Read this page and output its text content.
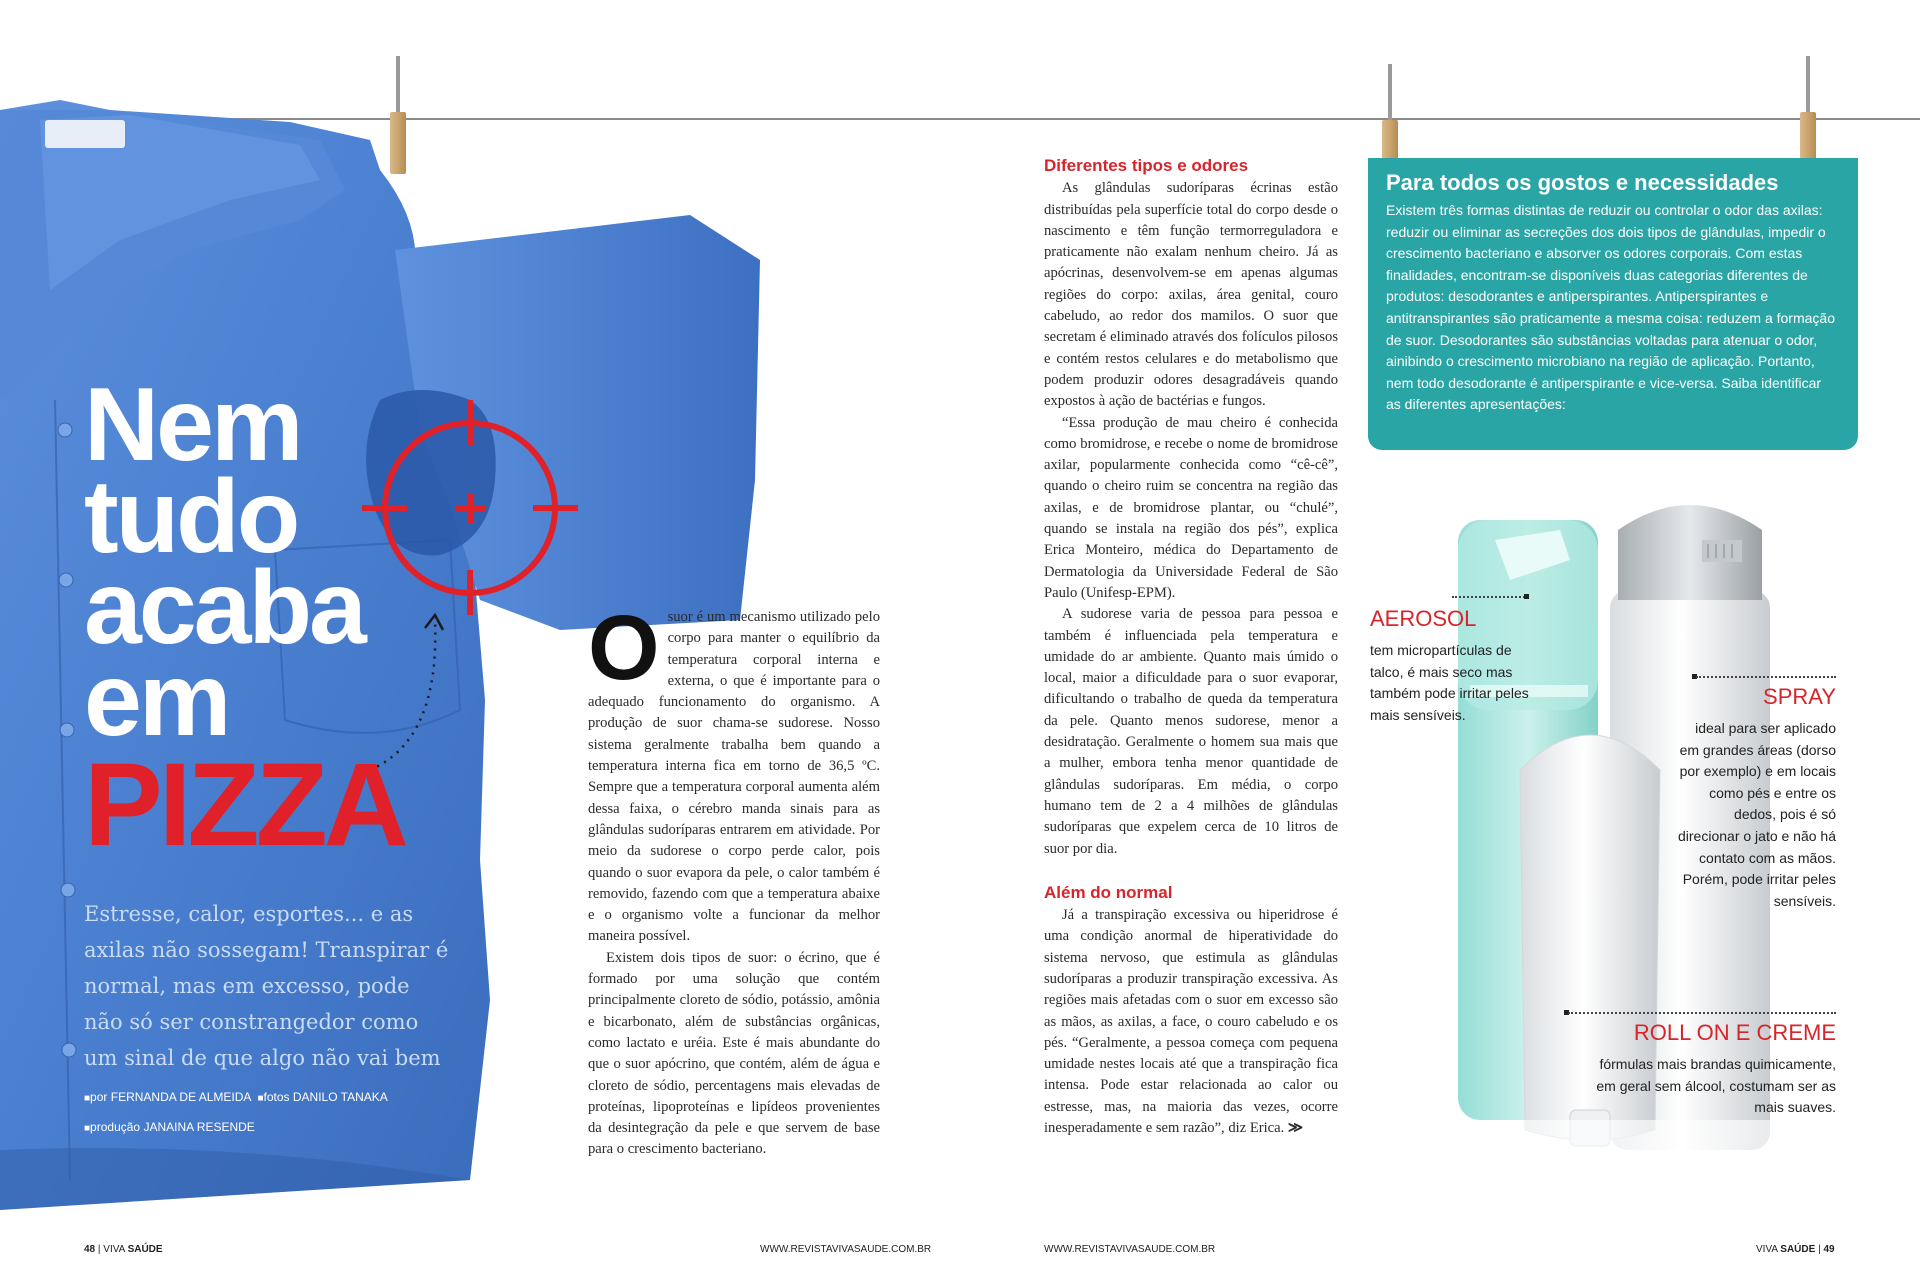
Nem
tudo
acaba
em
PIZZA
Estresse, calor, esportes... e as axilas não sossegam! Transpirar é normal, mas em excesso, pode não só ser constrangedor como um sinal de que algo não vai bem
■por FERNANDA DE ALMEIDA ■fotos DANILO TANAKA
■produção JANAINA RESENDE

Osuor é um mecanismo utilizado pelo corpo para manter o equilíbrio da temperatura corporal interna e externa, o que é importante para o adequado funcionamento do organismo. A produção de suor chama-se sudorese. Nosso sistema geralmente trabalha bem quando a temperatura interna fica em torno de 36,5 ºC. Sempre que a temperatura corporal aumenta além dessa faixa, o cérebro manda sinais para as glândulas sudoríparas entrarem em atividade. Por meio da sudorese o corpo perde calor, pois quando o suor evapora da pele, o calor também é removido, fazendo com que a temperatura abaixe e o organismo volte a funcionar da melhor maneira possível.

Existem dois tipos de suor: o écrino, que é formado por uma solução que contém principalmente cloreto de sódio, potássio, amônia e bicarbonato, além de substâncias orgânicas, como lactato e uréia. Este é mais abundante do que o suor apócrino, que contém, além de água e cloreto de sódio, percentagens mais elevadas de proteínas, lipoproteínas e lipídeos provenientes da desintegração da pele e que servem de base para o crescimento bacteriano.

Diferentes tipos e odores

As glândulas sudoríparas écrinas estão distribuídas pela superfície total do corpo desde o nascimento e têm função termorreguladora e praticamente não exalam nenhum cheiro. Já as apócrinas, desenvolvem-se em apenas algumas regiões do corpo: axilas, área genital, couro cabeludo, ao redor dos mamilos. O suor que secretam é eliminado através dos folículos pilosos e contém restos celulares e do metabolismo que podem produzir odores desagradáveis quando expostos à ação de bactérias e fungos.

“Essa produção de mau cheiro é conhecida como bromidrose, e recebe o nome de bromidrose axilar, popularmente conhecida como “cê-cê”, quando o cheiro ruim se concentra na região das axilas, e de bromidrose plantar, ou “chulé”, quando se instala na região dos pés”, explica Erica Monteiro, médica do Departamento de Dermatologia da Universidade Federal de São Paulo (Unifesp-EPM).

A sudorese varia de pessoa para pessoa e também é influenciada pela temperatura e umidade do ar ambiente. Quanto mais úmido o local, maior a dificuldade para o suor evaporar, dificultando o trabalho de queda da temperatura da pele. Quanto menos sudorese, menor a desidratação. Geralmente o homem sua mais que a mulher, embora tenha menor quantidade de glândulas sudoríparas. Em média, o corpo humano tem de 2 a 4 milhões de glândulas sudoríparas que expelem cerca de 10 litros de suor por dia.

Além do normal

Já a transpiração excessiva ou hiperidrose é uma condição anormal de hiperatividade do sistema nervoso, que estimula as glândulas sudoríparas a produzir transpiração excessiva. As regiões mais afetadas com o suor em excesso são as mãos, as axilas, a face, o couro cabeludo e os pés. “Geralmente, a pessoa começa com pequena umidade nestes locais até que a transpiração fica intensa. Pode estar relacionada ao calor ou estresse, mas, na maioria das vezes, ocorre inesperadamente e sem razão”, diz Erica. ≫

Para todos os gostos e necessidades

Existem três formas distintas de reduzir ou controlar o odor das axilas: reduzir ou eliminar as secreções dos dois tipos de glândulas, impedir o crescimento bacteriano e absorver os odores corporais. Com estas finalidades, encontram-se disponíveis duas categorias diferentes de produtos: desodorantes e antiperspirantes. Antiperspirantes e antitranspirantes são praticamente a mesma coisa: reduzem a formação de suor. Desodorantes são substâncias voltadas para atenuar o odor, ainibindo o crescimento microbiano na região de aplicação. Portanto, nem todo desodorante é antiperspirante e vice-versa. Saiba identificar as diferentes apresentações:

AEROSOL
tem micropartículas de talco, é mais seco mas também pode irritar peles mais sensíveis.
SPRAY
ideal para ser aplicado em grandes áreas (dorso por exemplo) e em locais como pés e entre os dedos, pois é só direcionar o jato e não há contato com as mãos. Porém, pode irritar peles sensíveis.
ROLL ON E CREME
fórmulas mais brandas quimicamente, em geral sem álcool, costumam ser as mais suaves.
48 | VIVA SAÚDE	WWW.REVISTAVIVASAUDE.COM.BR	WWW.REVISTAVIVASAUDE.COM.BR	VIVA SAÚDE | 49
